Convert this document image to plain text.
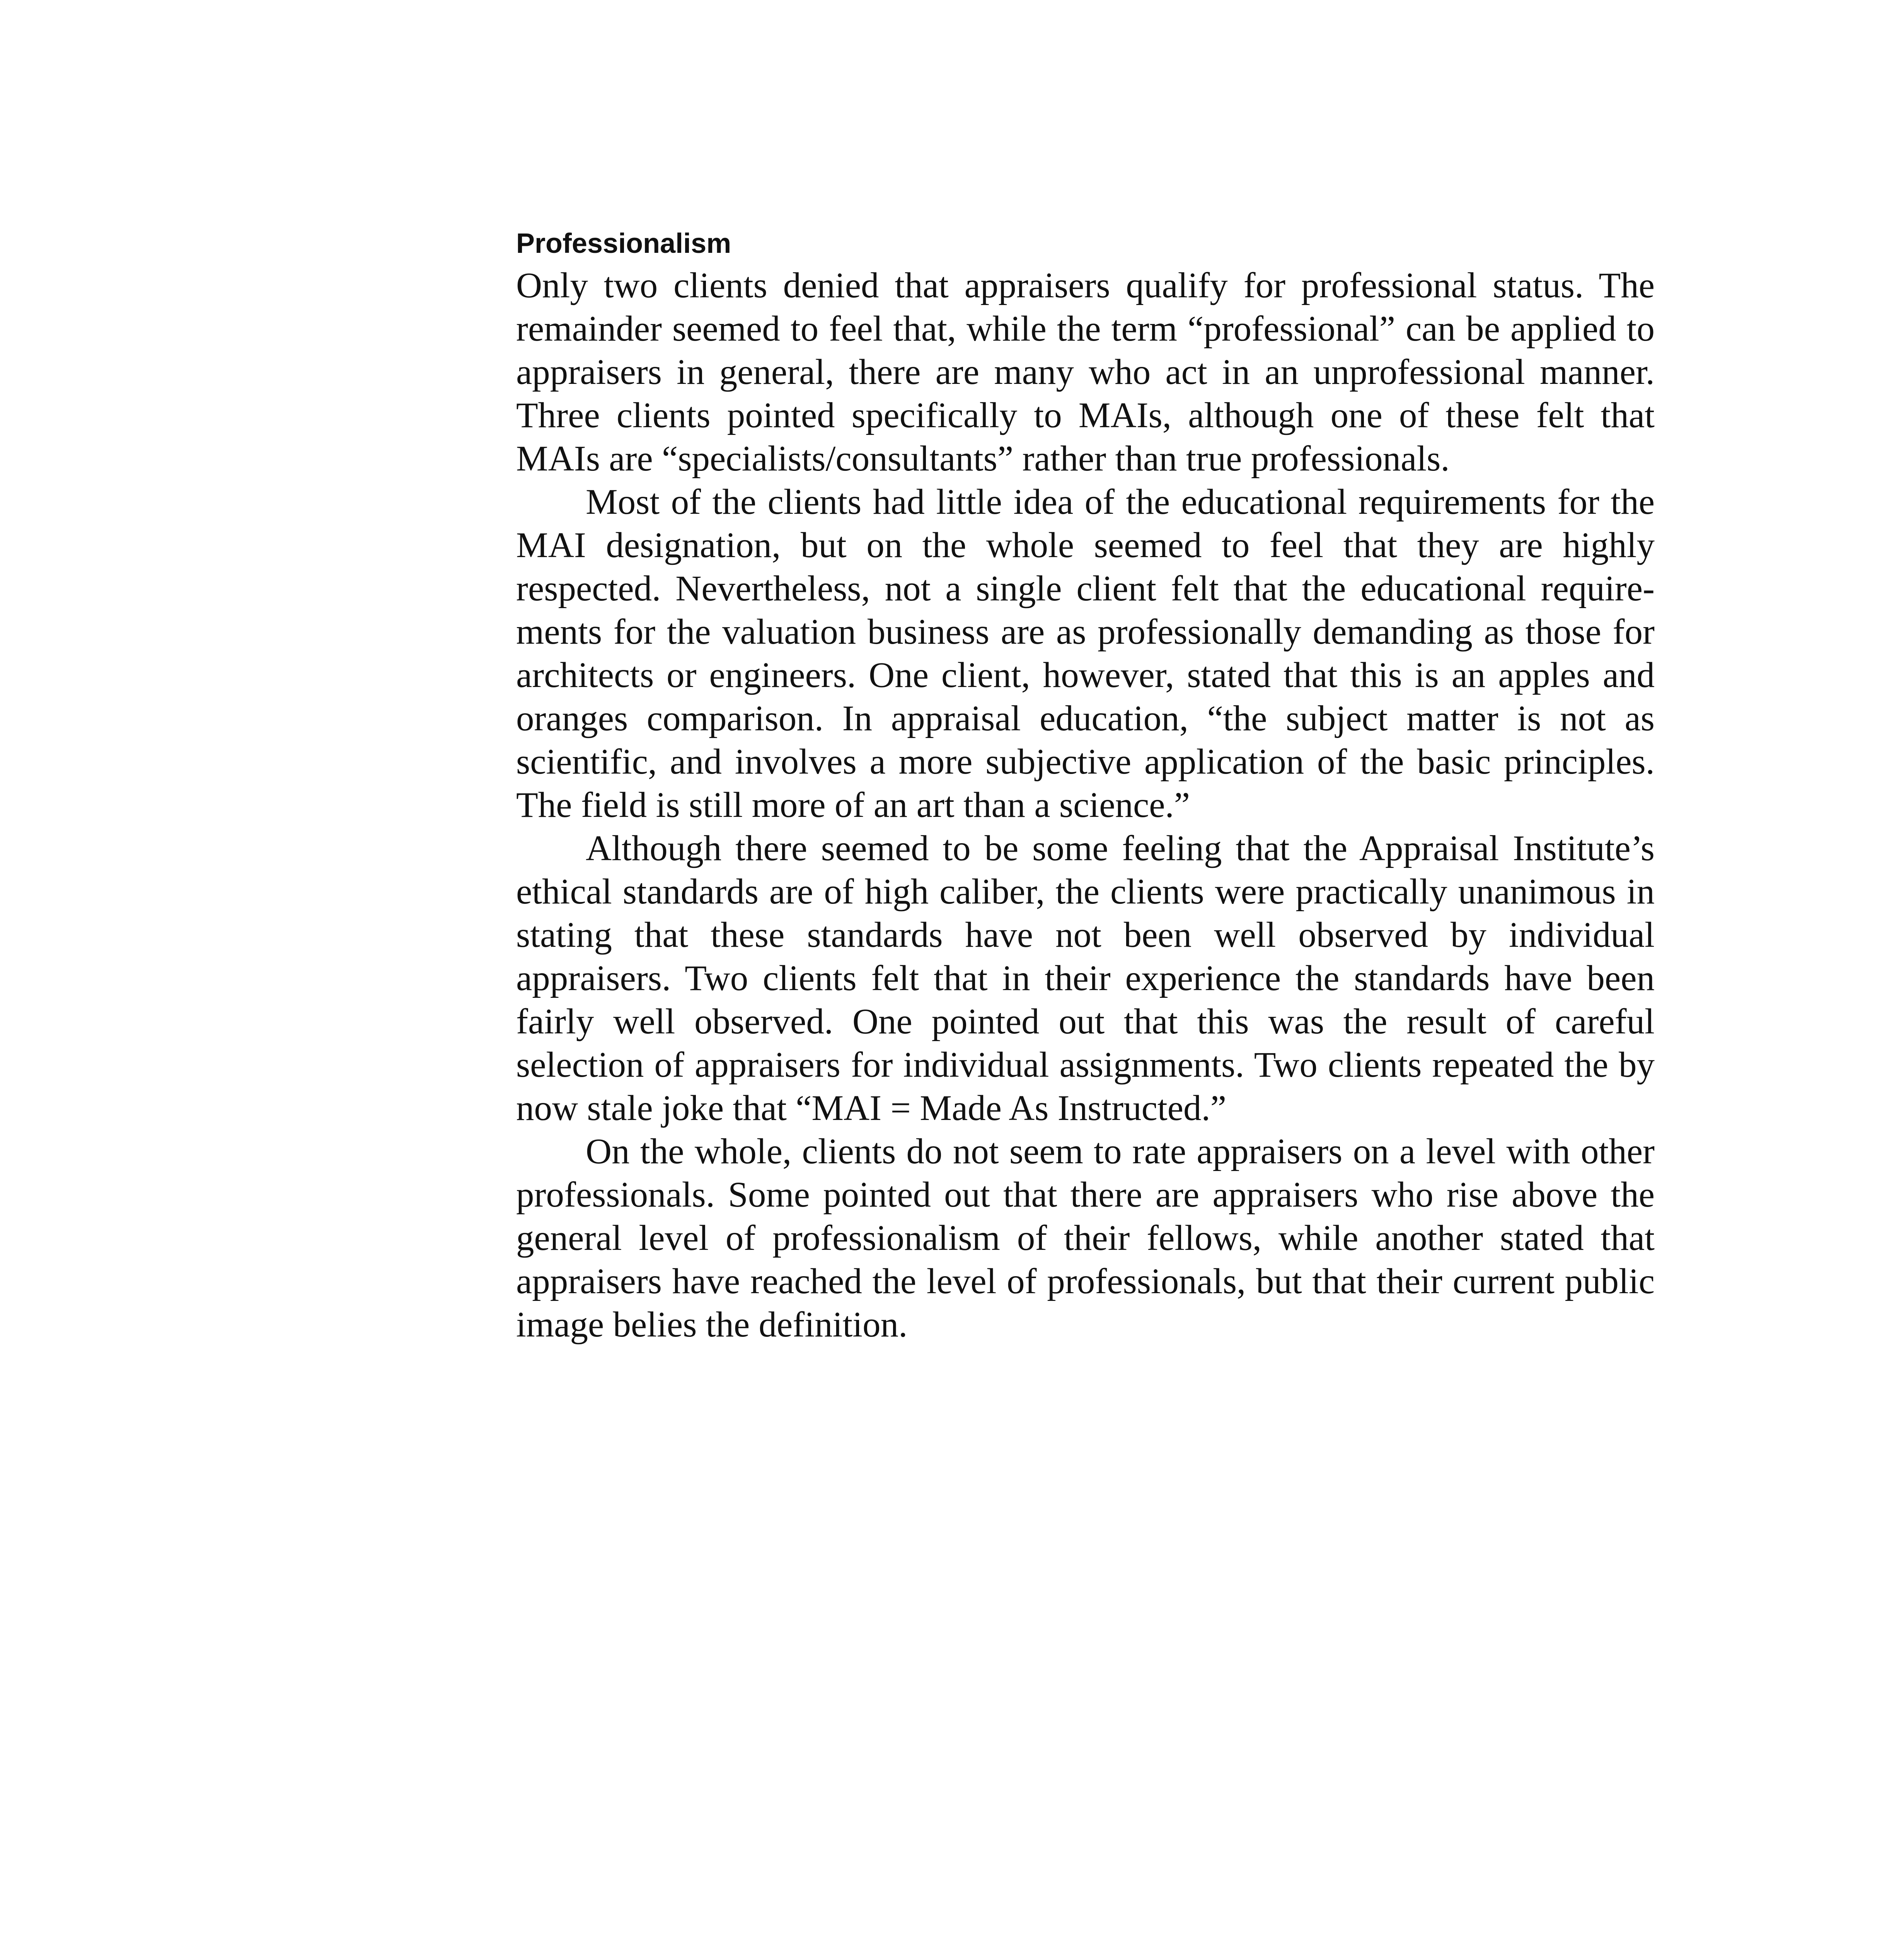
Professionalism

Only two clients denied that appraisers qualify for professional status. The remainder seemed to feel that, while the term “professional” can be applied to appraisers in general, there are many who act in an unprofessional manner. Three clients pointed specifically to MAIs, although one of these felt that MAIs are “specialists/consultants” rather than true professionals.

Most of the clients had little idea of the educational requirements for the MAI designation, but on the whole seemed to feel that they are highly respected. Nevertheless, not a single client felt that the educational requirements for the valuation business are as professionally demanding as those for architects or engineers. One client, however, stated that this is an apples and oranges comparison. In appraisal education, “the subject matter is not as scientific, and involves a more subjective application of the basic principles. The field is still more of an art than a science.”

Although there seemed to be some feeling that the Appraisal Institute’s ethical standards are of high caliber, the clients were practically unanimous in stating that these standards have not been well observed by individual appraisers. Two clients felt that in their experience the standards have been fairly well observed. One pointed out that this was the result of careful selection of appraisers for individual assignments. Two clients repeated the by now stale joke that “MAI = Made As Instructed.”

On the whole, clients do not seem to rate appraisers on a level with other professionals. Some pointed out that there are appraisers who rise above the general level of professionalism of their fellows, while another stated that appraisers have reached the level of professionals, but that their current public image belies the definition.
